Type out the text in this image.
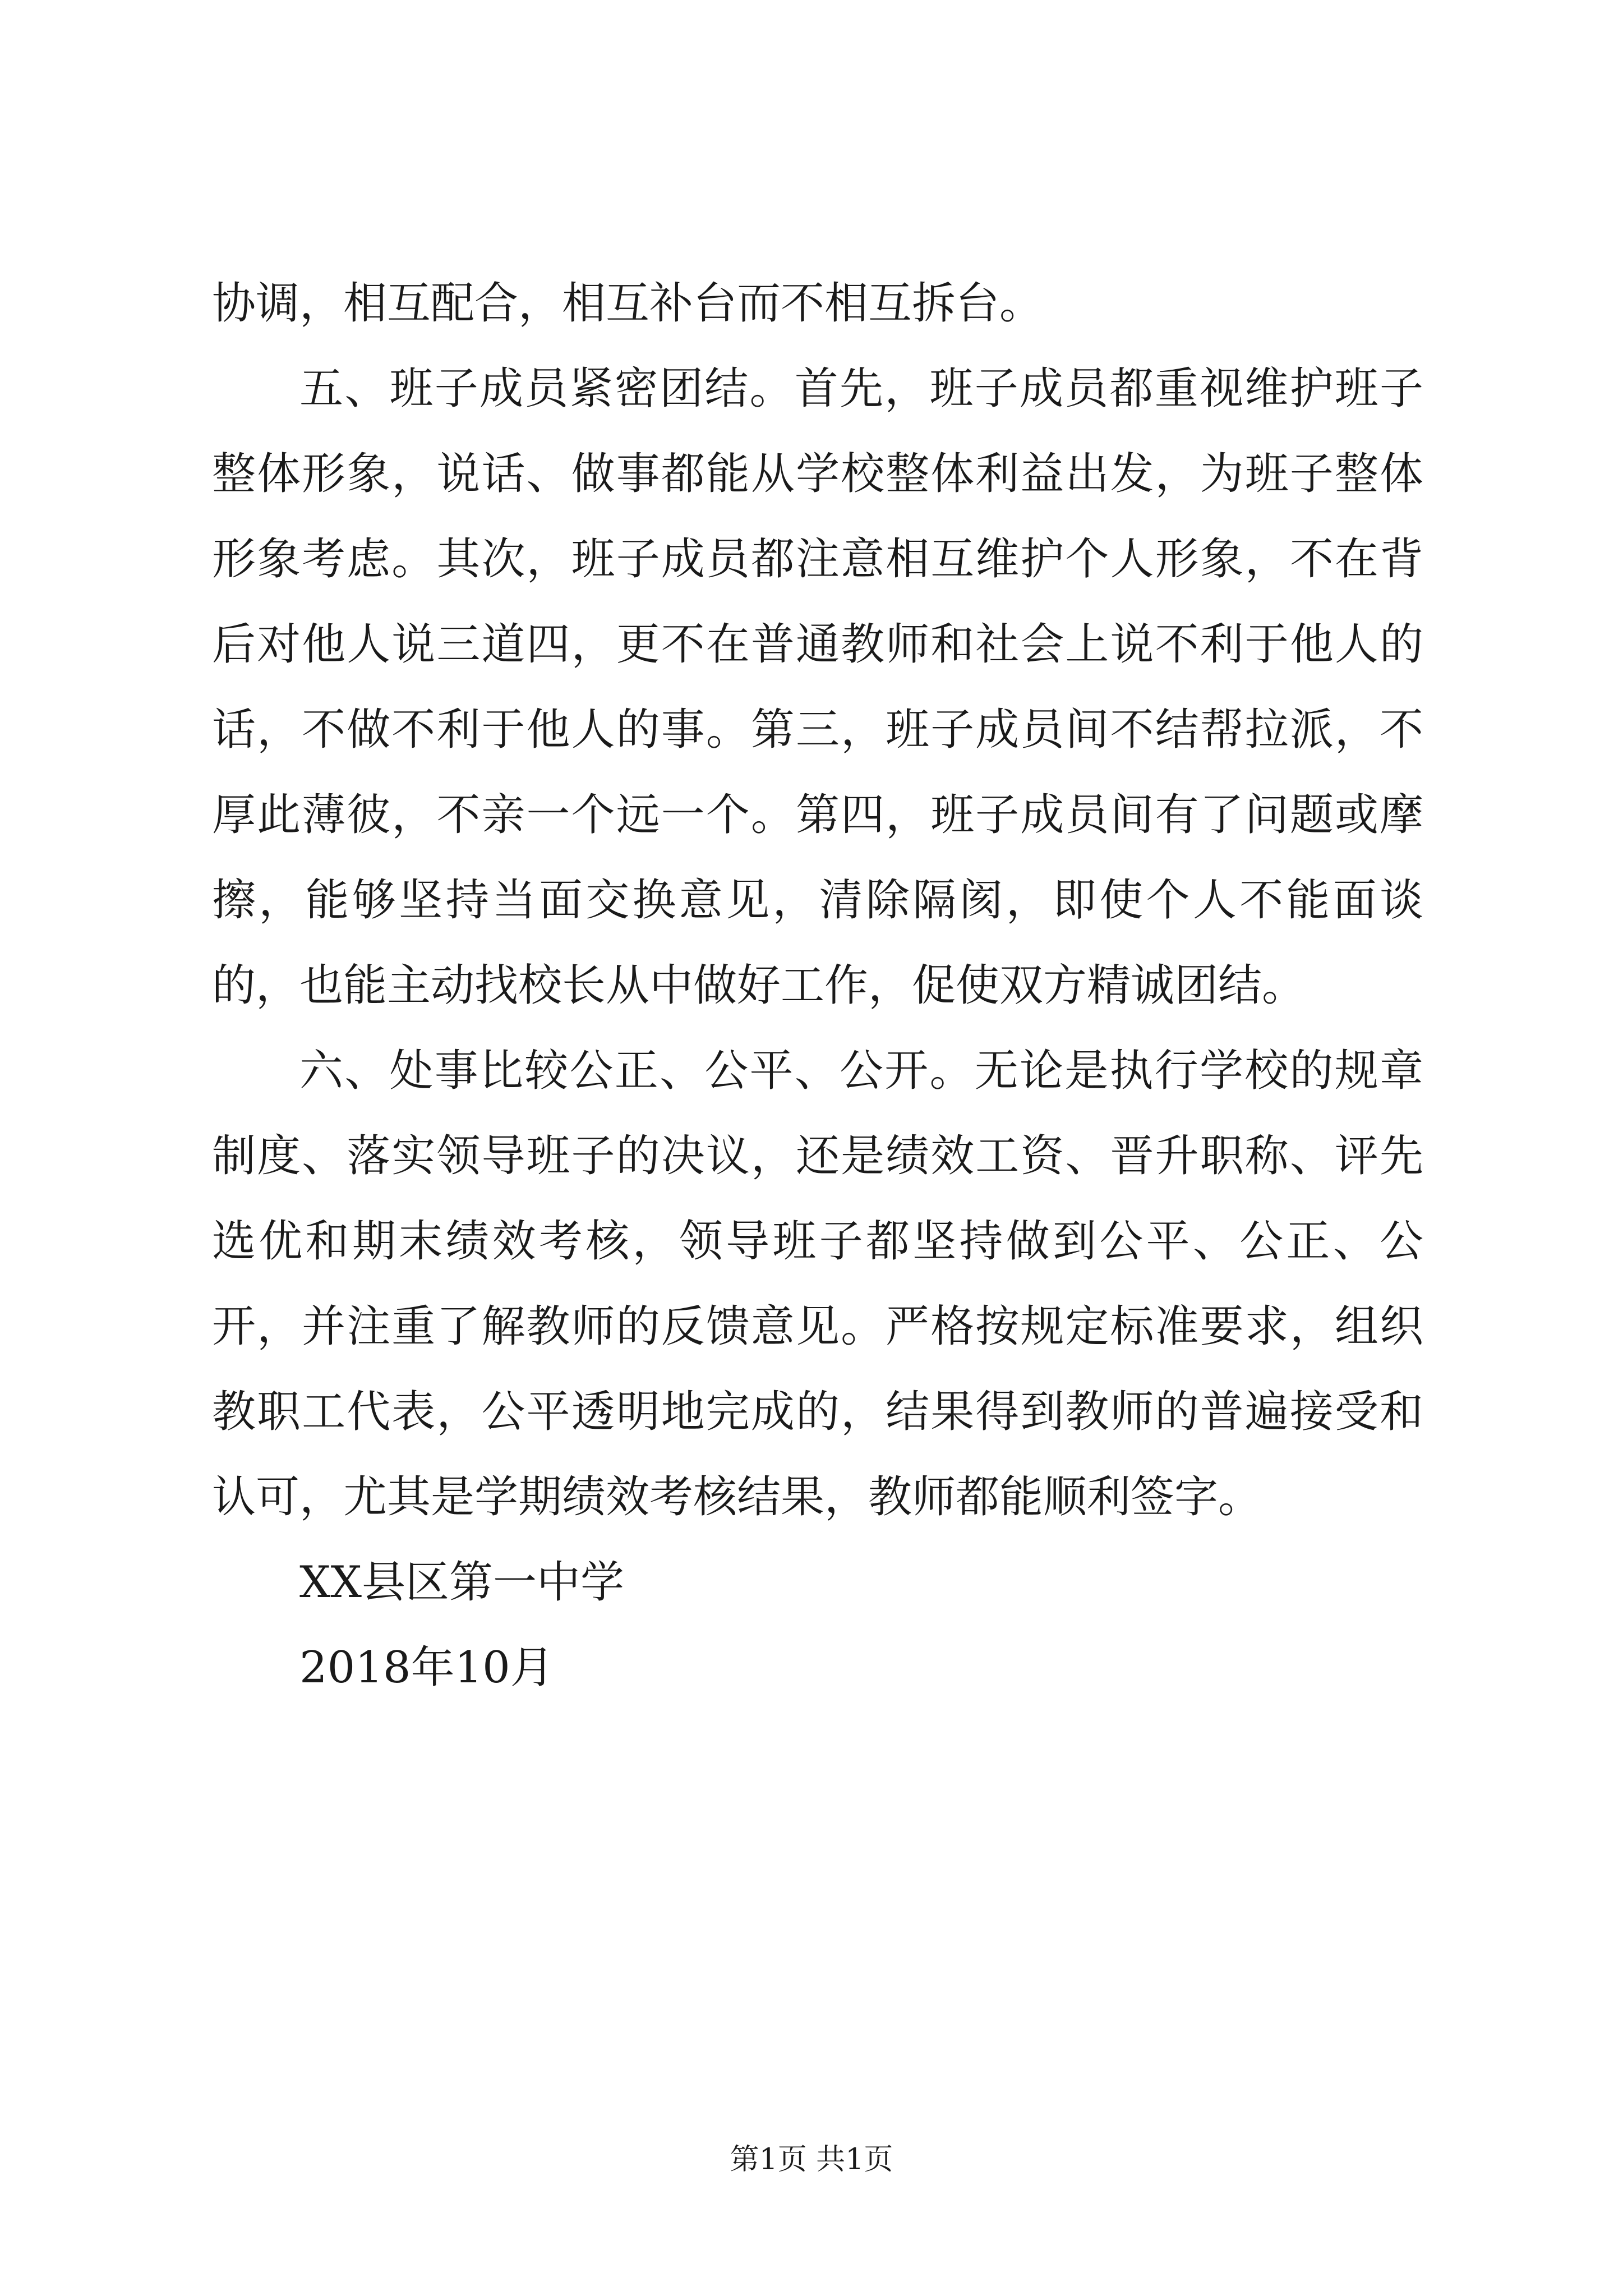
协调，相互配合，相互补台而不相互拆台。

五、班子成员紧密团结。首先，班子成员都重视维护班子整体形象，说话、做事都能从学校整体利益出发，为班子整体形象考虑。其次，班子成员都注意相互维护个人形象，不在背后对他人说三道四，更不在普通教师和社会上说不利于他人的话，不做不利于他人的事。第三，班子成员间不结帮拉派，不厚此薄彼，不亲一个远一个。第四，班子成员间有了问题或摩擦，能够坚持当面交换意见，清除隔阂，即使个人不能面谈的，也能主动找校长从中做好工作，促使双方精诚团结。

六、处事比较公正、公平、公开。无论是执行学校的规章制度、落实领导班子的决议，还是绩效工资、晋升职称、评先选优和期末绩效考核，领导班子都坚持做到公平、公正、公开，并注重了解教师的反馈意见。严格按规定标准要求，组织教职工代表，公平透明地完成的，结果得到教师的普遍接受和认可，尤其是学期绩效考核结果，教师都能顺利签字。

XX县区第一中学

2018年10月

第1页 共1页
